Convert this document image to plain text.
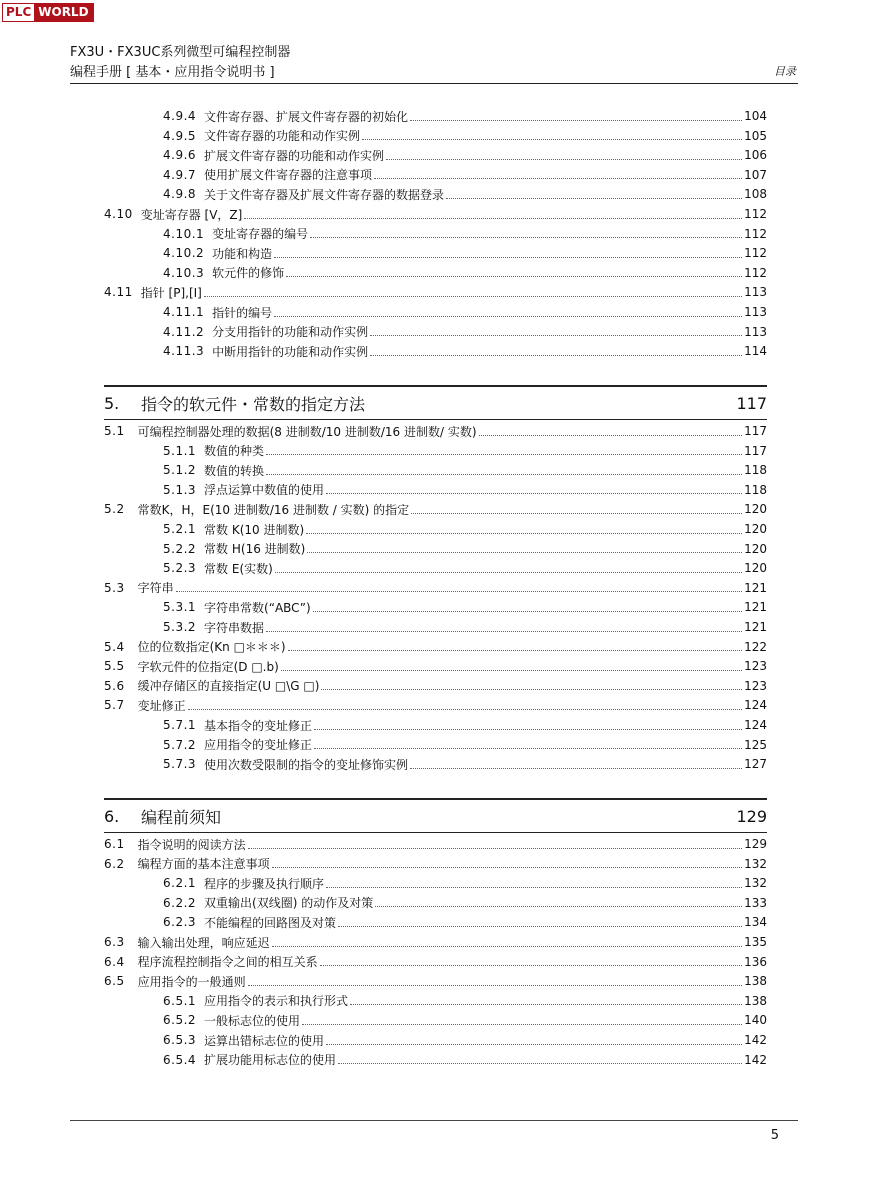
PLC WORLD
FX3U・FX3UC系列微型可编程控制器
编程手册 [ 基本・应用指令说明书 ]	目录
4.9.4 文件寄存器、扩展文件寄存器的初始化	104
4.9.5 文件寄存器的功能和动作实例	105
4.9.6 扩展文件寄存器的功能和动作实例	106
4.9.7 使用扩展文件寄存器的注意事项	107
4.9.8 关于文件寄存器及扩展文件寄存器的数据登录	108
4.10 变址寄存器 [V，Z]	112
4.10.1 变址寄存器的编号	112
4.10.2 功能和构造	112
4.10.3 软元件的修饰	112
4.11 指针 [P],[I]	113
4.11.1 指针的编号	113
4.11.2 分支用指针的功能和动作实例	113
4.11.3 中断用指针的功能和动作实例	114
5.	指令的软元件・常数的指定方法	117
5.1 可编程控制器处理的数据(8 进制数/10 进制数/16 进制数/ 实数)	117
5.1.1 数值的种类	117
5.1.2 数值的转换	118
5.1.3 浮点运算中数值的使用	118
5.2 常数K，H，E(10 进制数/16 进制数 / 实数) 的指定	120
5.2.1 常数 K(10 进制数)	120
5.2.2 常数 H(16 进制数)	120
5.2.3 常数 E(实数)	120
5.3 字符串	121
5.3.1 字符串常数(“ABC”)	121
5.3.2 字符串数据	121
5.4 位的位数指定(Kn □＊＊＊)	122
5.5 字软元件的位指定(D □.b)	123
5.6 缓冲存储区的直接指定(U □\G □)	123
5.7 变址修正	124
5.7.1 基本指令的变址修正	124
5.7.2 应用指令的变址修正	125
5.7.3 使用次数受限制的指令的变址修饰实例	127
6.	编程前须知	129
6.1 指令说明的阅读方法	129
6.2 编程方面的基本注意事项	132
6.2.1 程序的步骤及执行顺序	132
6.2.2 双重输出(双线圈) 的动作及对策	133
6.2.3 不能编程的回路图及对策	134
6.3 输入输出处理，响应延迟	135
6.4 程序流程控制指令之间的相互关系	136
6.5 应用指令的一般通则	138
6.5.1 应用指令的表示和执行形式	138
6.5.2 一般标志位的使用	140
6.5.3 运算出错标志位的使用	142
6.5.4 扩展功能用标志位的使用	142
5
